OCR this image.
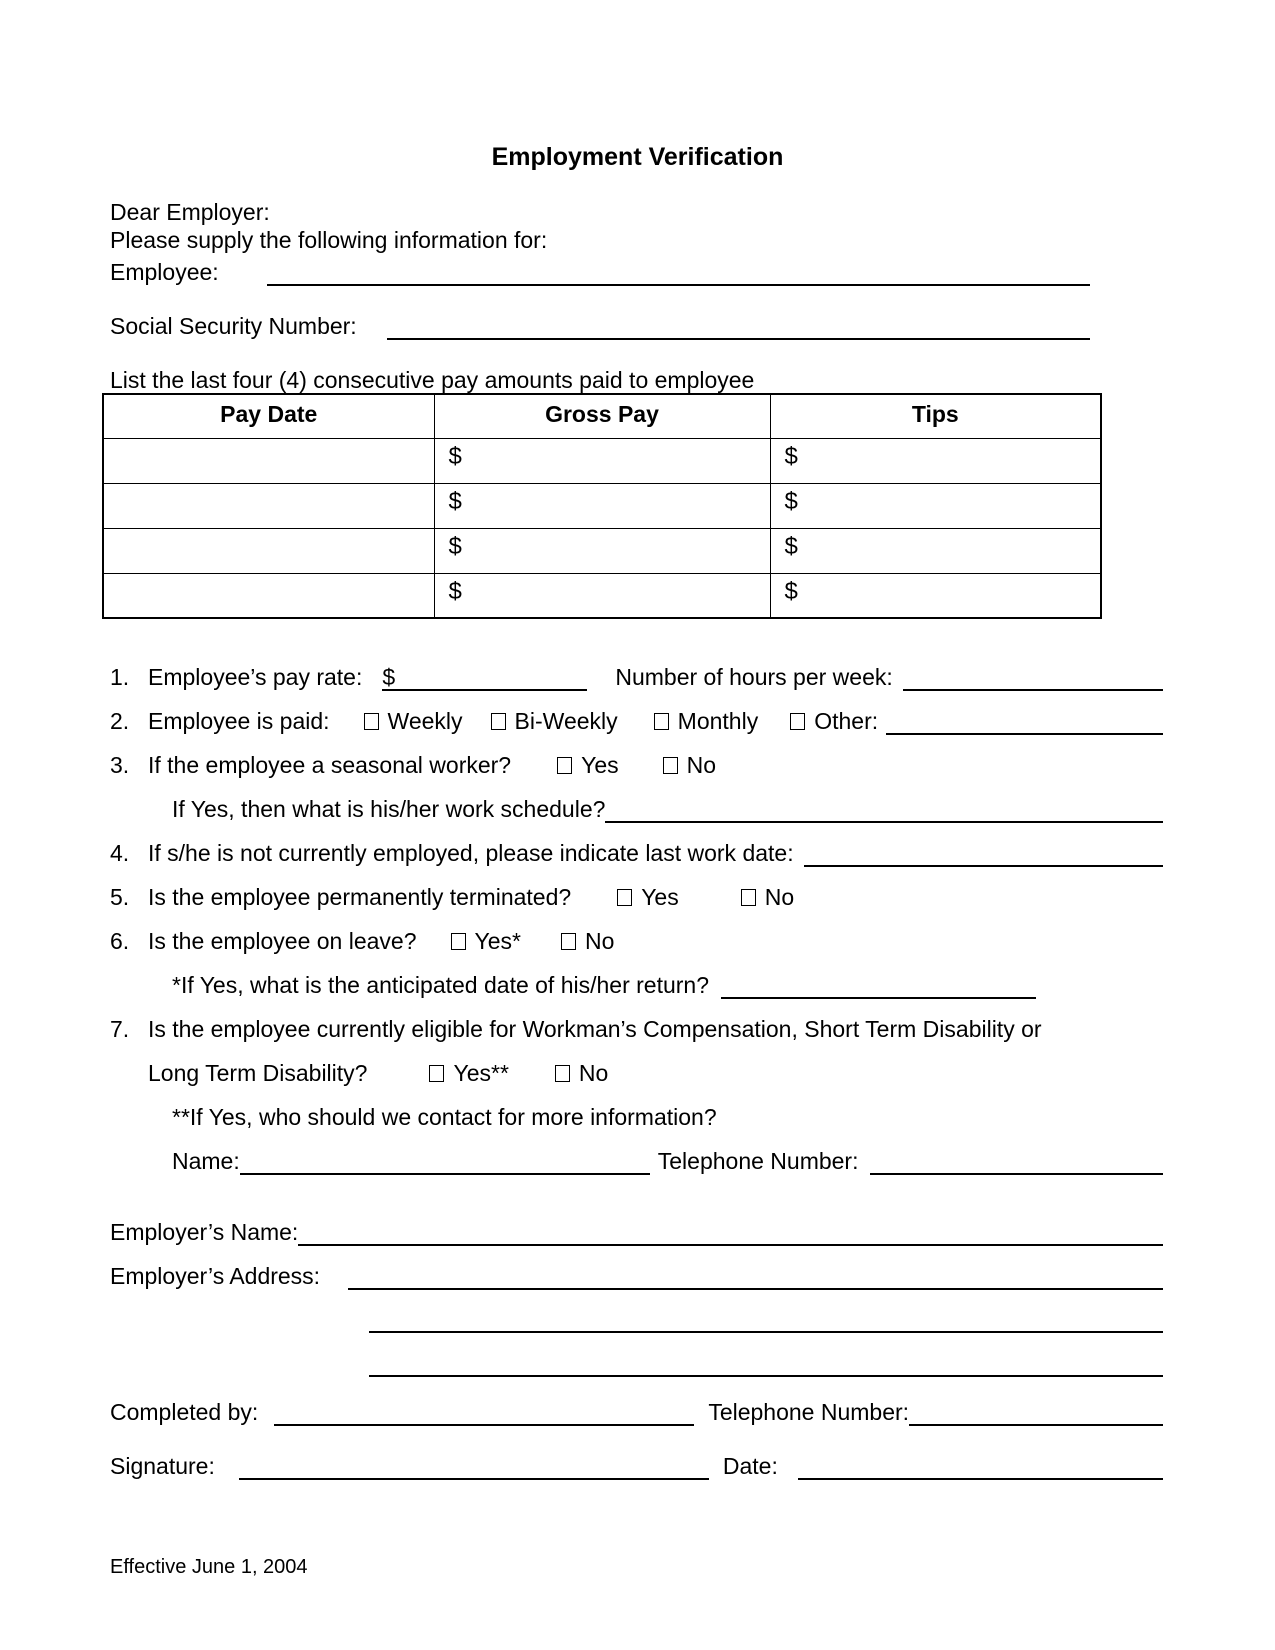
Employment Verification
Dear Employer:
Please supply the following information for:
Employee:
Social Security Number:
List the last four (4) consecutive pay amounts paid to employee
Pay Date	Gross Pay	Tips
	$	$
	$	$
	$	$
	$	$
1. Employee’s pay rate: $	Number of hours per week:
2. Employee is paid:	Weekly Bi-Weekly	Monthly Other:
3. If the employee a seasonal worker?	Yes	No
If Yes, then what is his/her work schedule?
4. If s/he is not currently employed, please indicate last work date:
5. Is the employee permanently terminated?	Yes	No
6. Is the employee on leave?	Yes*	No
*If Yes, what is the anticipated date of his/her return?
7. Is the employee currently eligible for Workman’s Compensation, Short Term Disability or
Long Term Disability?	Yes**	No
**If Yes, who should we contact for more information?
Name:	Telephone Number:
Employer’s Name:
Employer’s Address:
Completed by:	Telephone Number:
Signature:	Date:
Effective June 1, 2004
